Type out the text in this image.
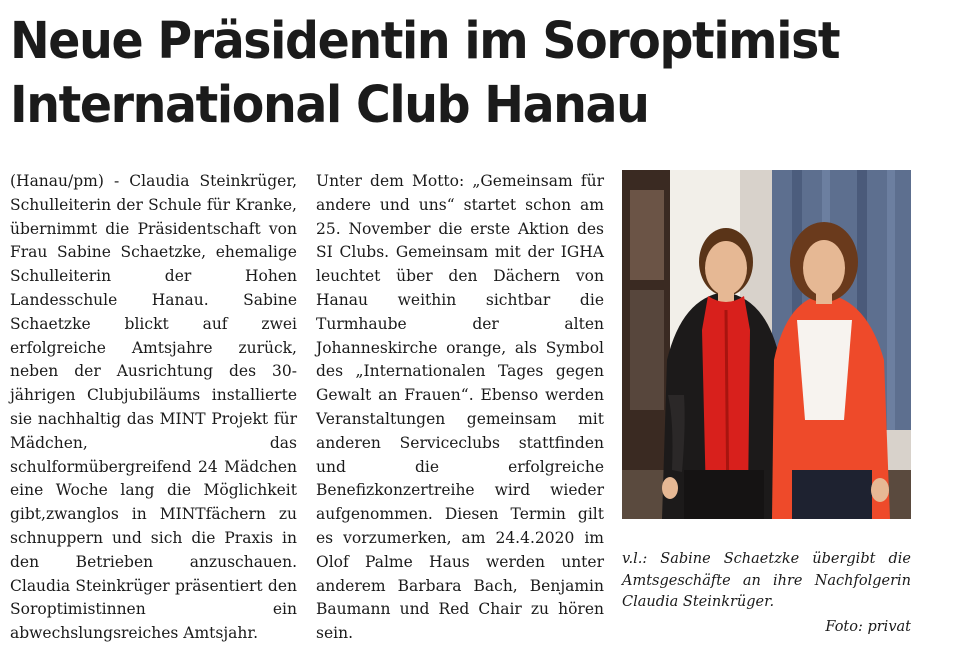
Neue Präsidentin im Soroptimist
International Club Hanau

(Hanau/pm) - Claudia Steinkrüger, Schulleiterin der Schule für Kranke, übernimmt die Präsidentschaft von Frau Sabine Schaetzke, ehemalige Schulleiterin der Hohen Landesschule Hanau. Sabine Schaetzke blickt auf zwei erfolgreiche Amtsjahre zurück, neben der Ausrichtung des 30-jährigen Clubjubiläums installierte sie nachhaltig das MINT Projekt für Mädchen, das schulformübergreifend 24 Mädchen eine Woche lang die Möglichkeit gibt,zwanglos in MINTfächern zu schnuppern und sich die Praxis in den Betrieben anzuschauen. Claudia Steinkrüger präsentiert den Soroptimistinnen ein abwechslungsreiches Amtsjahr.

Unter dem Motto: „Gemeinsam für andere und uns“ startet schon am 25. November die erste Aktion des SI Clubs. Gemeinsam mit der IGHA leuchtet über den Dächern von Hanau weithin sichtbar die Turmhaube der alten Johanneskirche orange, als Symbol des „Internationalen Tages gegen Gewalt an Frauen“. Ebenso werden Veranstaltungen gemeinsam mit anderen Serviceclubs stattfinden und die erfolgreiche Benefizkonzertreihe wird wieder aufgenommen. Diesen Termin gilt es vorzumerken, am 24.4.2020 im Olof Palme Haus werden unter anderem Barbara Bach, Benjamin Baumann und Red Chair zu hören sein.

v.l.: Sabine Schaetzke übergibt die Amtsgeschäfte an ihre Nachfolgerin Claudia Steinkrüger.

Foto: privat
